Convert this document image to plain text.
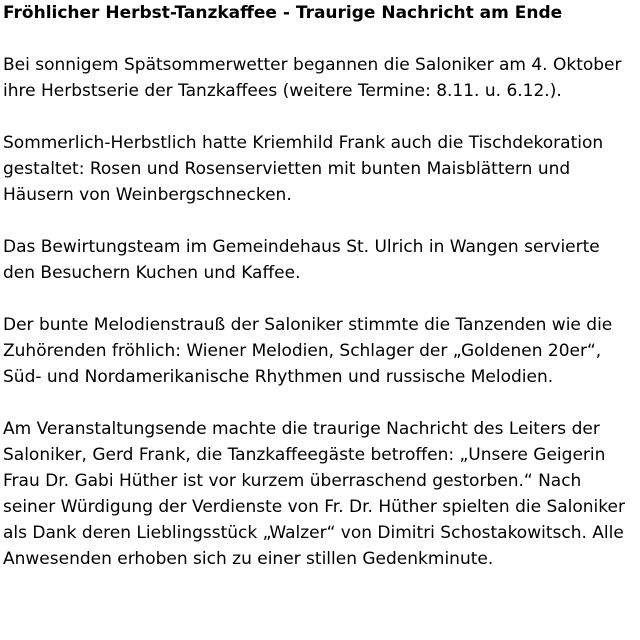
Fröhlicher Herbst-Tanzkaffee - Traurige Nachricht am Ende

Bei sonnigem Spätsommerwetter begannen die Saloniker am 4. Oktober ihre Herbstserie der Tanzkaffees (weitere Termine: 8.11. u. 6.12.).

Sommerlich-Herbstlich hatte Kriemhild Frank auch die Tischdekoration gestaltet: Rosen und Rosenservietten mit bunten Maisblättern und Häusern von Weinbergschnecken.

Das Bewirtungsteam im Gemeindehaus St. Ulrich in Wangen servierte den Besuchern Kuchen und Kaffee.

Der bunte Melodienstrauß der Saloniker stimmte die Tanzenden wie die Zuhörenden fröhlich: Wiener Melodien, Schlager der „Goldenen 20er“, Süd- und Nordamerikanische Rhythmen und russische Melodien.

Am Veranstaltungsende machte die traurige Nachricht des Leiters der Saloniker, Gerd Frank, die Tanzkaffeegäste betroffen: „Unsere Geigerin Frau Dr. Gabi Hüther ist vor kurzem überraschend gestorben.“ Nach seiner Würdigung der Verdienste von Fr. Dr. Hüther spielten die Saloniker als Dank deren Lieblingsstück „Walzer“ von Dimitri Schostakowitsch. Alle Anwesenden erhoben sich zu einer stillen Gedenkminute.
